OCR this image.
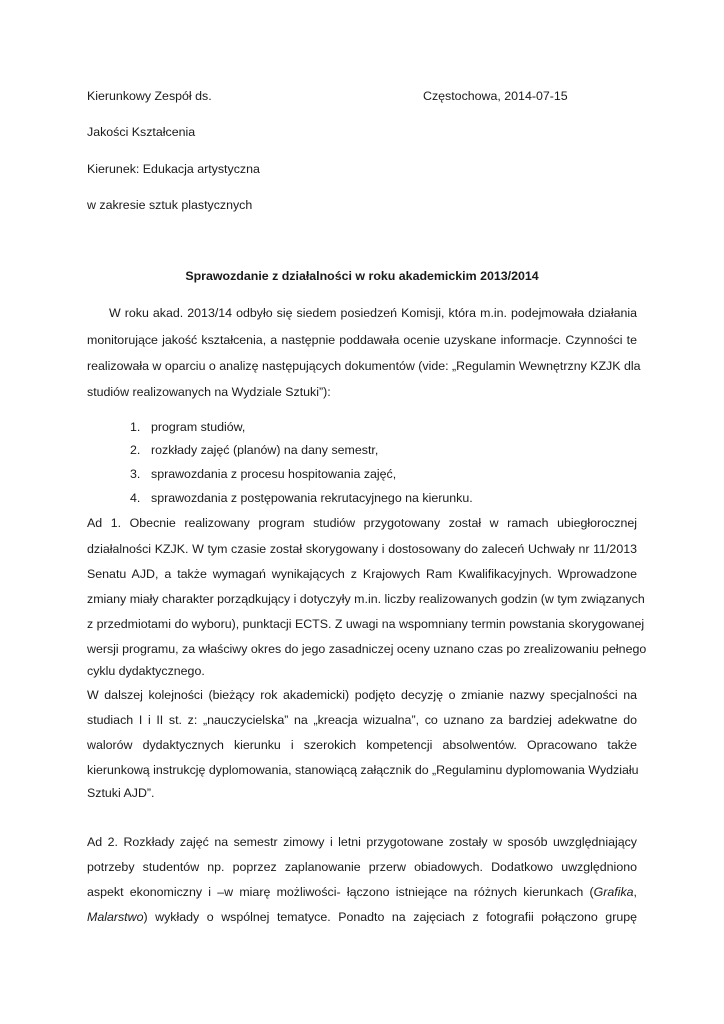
Kierunkowy Zespół ds.	Częstochowa, 2014-07-15
Jakości Kształcenia
Kierunek: Edukacja artystyczna
w zakresie sztuk plastycznych
Sprawozdanie z działalności w roku akademickim 2013/2014
W roku akad. 2013/14 odbyło się siedem posiedzeń Komisji, która m.in. podejmowała działania
monitorujące jakość kształcenia, a następnie poddawała ocenie uzyskane informacje. Czynności te
realizowała w oparciu o analizę następujących dokumentów (vide: „Regulamin Wewnętrzny KZJK dla
studiów realizowanych na Wydziale Sztuki”):
1. program studiów,
2. rozkłady zajęć (planów) na dany semestr,
3. sprawozdania z procesu hospitowania zajęć,
4. sprawozdania z postępowania rekrutacyjnego na kierunku.
Ad 1. Obecnie realizowany program studiów przygotowany został w ramach ubiegłorocznej
działalności KZJK. W tym czasie został skorygowany i dostosowany do zaleceń Uchwały nr 11/2013
Senatu AJD, a także wymagań wynikających z Krajowych Ram Kwalifikacyjnych. Wprowadzone
zmiany miały charakter porządkujący i dotyczyły m.in. liczby realizowanych godzin (w tym związanych
z przedmiotami do wyboru), punktacji ECTS. Z uwagi na wspomniany termin powstania skorygowanej
wersji programu, za właściwy okres do jego zasadniczej oceny uznano czas po zrealizowaniu pełnego
cyklu dydaktycznego.
W dalszej kolejności (bieżący rok akademicki) podjęto decyzję o zmianie nazwy specjalności na
studiach I i II st. z: „nauczycielska” na „kreacja wizualna”, co uznano za bardziej adekwatne do
walorów dydaktycznych kierunku i szerokich kompetencji absolwentów. Opracowano także
kierunkową instrukcję dyplomowania, stanowiącą załącznik do „Regulaminu dyplomowania Wydziału
Sztuki AJD”.
Ad 2. Rozkłady zajęć na semestr zimowy i letni przygotowane zostały w sposób uwzględniający
potrzeby studentów np. poprzez zaplanowanie przerw obiadowych. Dodatkowo uwzględniono
aspekt ekonomiczny i –w miarę możliwości- łączono istniejące na różnych kierunkach (Grafika,
Malarstwo) wykłady o wspólnej tematyce. Ponadto na zajęciach z fotografii połączono grupę
